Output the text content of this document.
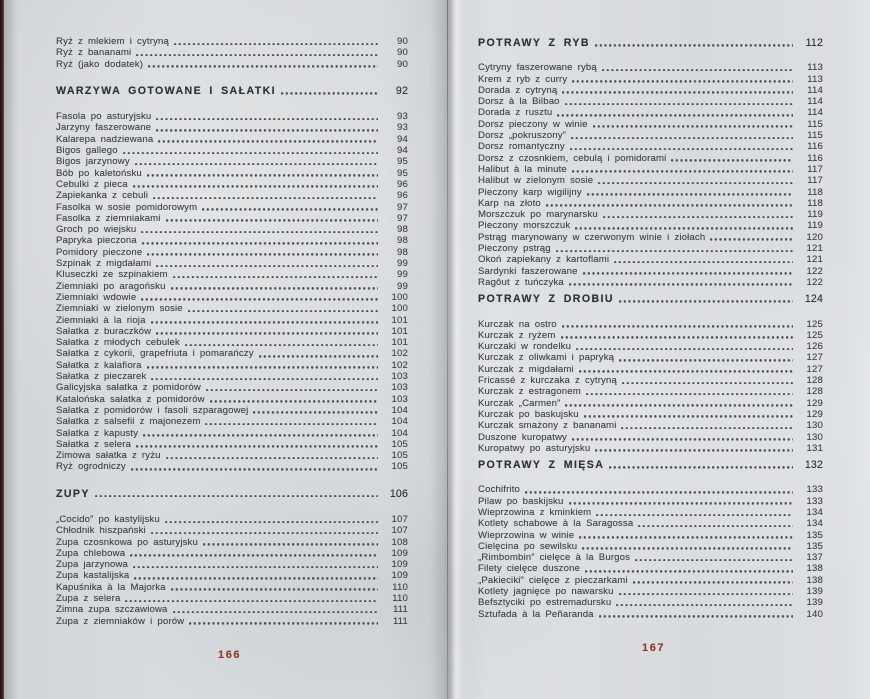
Ryż z mlekiem i cytryną	90
Ryż z bananami	90
Ryż (jako dodatek)	90
WARZYWA GOTOWANE I SAŁATKI	92
Fasola po asturyjsku	93
Jarzyny faszerowane	93
Kalarepa nadziewana	94
Bigos gallego	94
Bigos jarzynowy	95
Bób po kaletońsku	95
Cebulki z pieca	96
Zapiekanka z cebuli	96
Fasolka w sosie pomidorowym	97
Fasolka z ziemniakami	97
Groch po wiejsku	98
Papryka pieczona	98
Pomidory pieczone	98
Szpinak z migdałami	99
Kluseczki ze szpinakiem	99
Ziemniaki po aragońsku	99
Ziemniaki wdowie	100
Ziemniaki w zielonym sosie	100
Ziemniaki à la rioja	101
Sałatka z buraczków	101
Sałatka z młodych cebulek	101
Sałatka z cykorii, grapefriuta i pomarańczy	102
Sałatka z kalafiora	102
Sałatka z pieczarek	103
Galicyjska sałatka z pomidorów	103
Katalońska sałatka z pomidorów	103
Sałatka z pomidorów i fasoli szparagowej	104
Sałatka z salsefii z majonezem	104
Sałatka z kapusty	104
Sałatka z selera	105
Zimowa sałatka z ryżu	105
Ryż ogrodniczy	105
ZUPY	106
„Cocido” po kastylijsku	107
Chłodnik hiszpański	107
Zupa czosnkowa po asturyjsku	108
Zupa chlebowa	109
Zupa jarzynowa	109
Zupa kastalijska	109
Kapuśnika à la Majorka	110
Zupa z selera	110
Zimna zupa szczawiowa	111
Zupa z ziemniaków i porów	111
POTRAWY Z RYB	112
Cytryny faszerowane rybą	113
Krem z ryb z curry	113
Dorada z cytryną	114
Dorsz à la Bilbao	114
Dorada z rusztu	114
Dorsz pieczony w winie	115
Dorsz „pokruszony”	115
Dorsz romantyczny	116
Dorsz z czosnkiem, cebulą i pomidorami	116
Halibut à la minute	117
Halibut w zielonym sosie	117
Pieczony karp wigilijny	118
Karp na złoto	118
Morszczuk po marynarsku	119
Pieczony morszczuk	119
Pstrąg marynowany w czerwonym winie i ziołach	120
Pieczony pstrąg	121
Okoń zapiekany z kartoflami	121
Sardynki faszerowane	122
Ragôut z tuńczyka	122
POTRAWY Z DROBIU	124
Kurczak na ostro	125
Kurczak z ryżem	125
Kurczaki w rondelku	126
Kurczak z oliwkami i papryką	127
Kurczak z migdałami	127
Fricassé z kurczaka z cytryną	128
Kurczak z estragonem	128
Kurczak „Carmen”	129
Kurczak po baskujsku	129
Kurczak smażony z bananami	130
Duszone kuropatwy	130
Kuropatwy po asturyjsku	131
POTRAWY Z MIĘSA	132
Cochifrito	133
Pilaw po baskijsku	133
Wieprzowina z kminkiem	134
Kotlety schabowe à la Saragossa	134
Wieprzowina w winie	135
Cielęcina po sewilsku	135
„Rimbombin” cielęce à la Burgos	137
Filety cielęce duszone	138
„Pakieciki” cielęce z pieczarkami	138
Kotlety jagnięce po nawarsku	139
Befsztyciki po estremadursku	139
Sztufada à la Peñaranda	140
166
167
